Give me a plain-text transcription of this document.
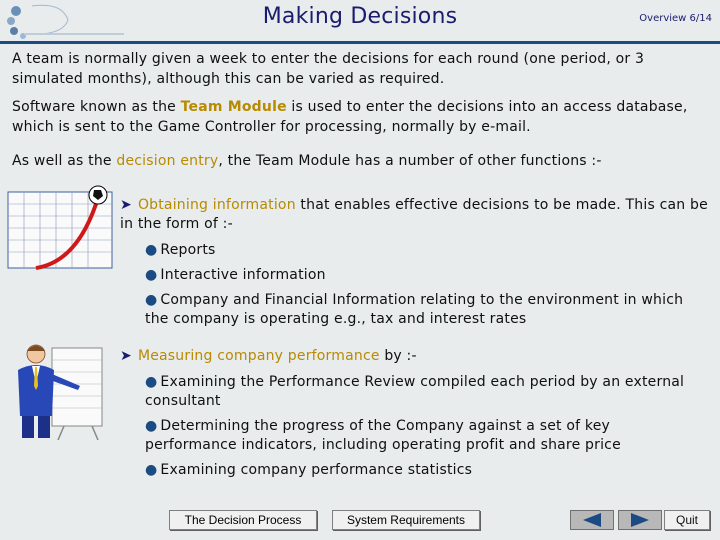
Making Decisions	Overview 6/14
A team is normally given a week to enter the decisions for each round (one period, or 3 simulated months), although this can be varied as required.
Software known as the Team Module is used to enter the decisions into an access database, which is sent to the Game Controller for processing, normally by e-mail.
As well as the decision entry, the Team Module has a number of other functions :-
➤ Obtaining information that enables effective decisions to be made. This can be in the form of :-
● Reports
● Interactive information
● Company and Financial Information relating to the environment in which the company is operating e.g., tax and interest rates
➤ Measuring company performance by :-
● Examining the Performance Review compiled each period by an external consultant
● Determining the progress of the Company against a set of key performance indicators, including operating profit and share price
● Examining company performance statistics
The Decision Process	System Requirements	Quit
